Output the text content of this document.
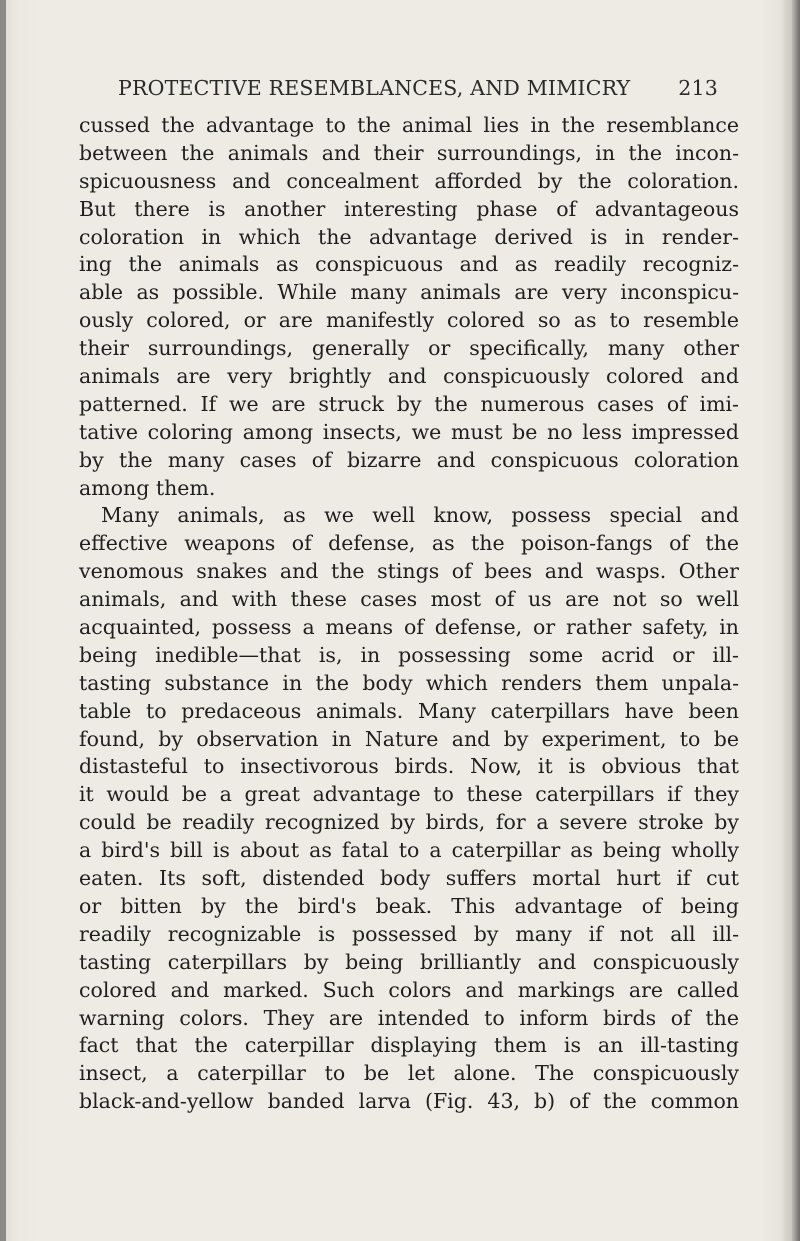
PROTECTIVE RESEMBLANCES, AND MIMICRY 213
cussed the advantage to the animal lies in the resemblance
between the animals and their surroundings, in the incon-
spicuousness and concealment afforded by the coloration.
But there is another interesting phase of advantageous
coloration in which the advantage derived is in render-
ing the animals as conspicuous and as readily recogniz-
able as possible. While many animals are very inconspicu-
ously colored, or are manifestly colored so as to resemble
their surroundings, generally or specifically, many other
animals are very brightly and conspicuously colored and
patterned. If we are struck by the numerous cases of imi-
tative coloring among insects, we must be no less impressed
by the many cases of bizarre and conspicuous coloration
among them.
Many animals, as we well know, possess special and
effective weapons of defense, as the poison-fangs of the
venomous snakes and the stings of bees and wasps. Other
animals, and with these cases most of us are not so well
acquainted, possess a means of defense, or rather safety, in
being inedible—that is, in possessing some acrid or ill-
tasting substance in the body which renders them unpala-
table to predaceous animals. Many caterpillars have been
found, by observation in Nature and by experiment, to be
distasteful to insectivorous birds. Now, it is obvious that
it would be a great advantage to these caterpillars if they
could be readily recognized by birds, for a severe stroke by
a bird's bill is about as fatal to a caterpillar as being wholly
eaten. Its soft, distended body suffers mortal hurt if cut
or bitten by the bird's beak. This advantage of being
readily recognizable is possessed by many if not all ill-
tasting caterpillars by being brilliantly and conspicuously
colored and marked. Such colors and markings are called
warning colors. They are intended to inform birds of the
fact that the caterpillar displaying them is an ill-tasting
insect, a caterpillar to be let alone. The conspicuously
black-and-yellow banded larva (Fig. 43, b) of the common
